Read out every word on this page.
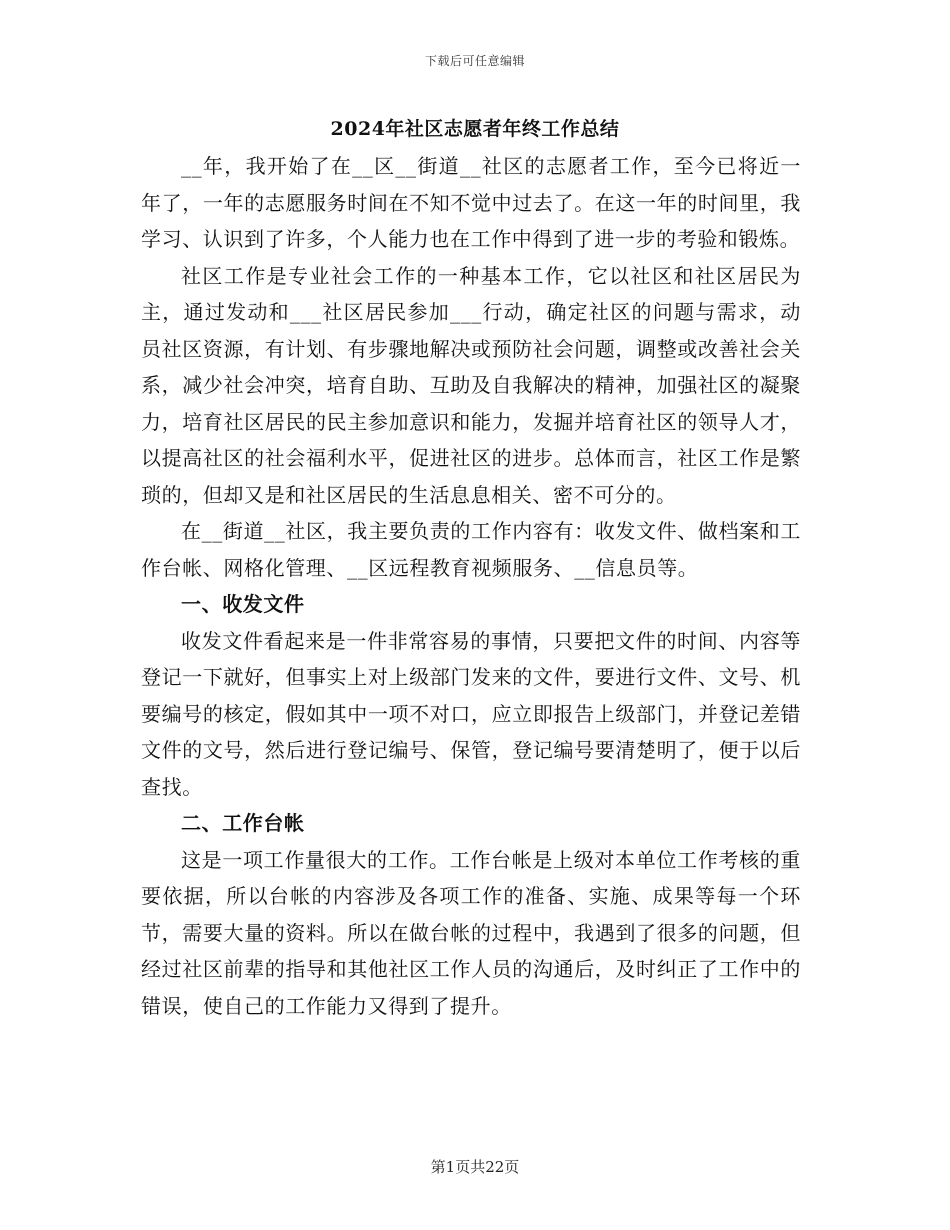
下载后可任意编辑
2024年社区志愿者年终工作总结

__年，我开始了在__区__街道__社区的志愿者工作，至今已将近一年了，一年的志愿服务时间在不知不觉中过去了。在这一年的时间里，我学习、认识到了许多，个人能力也在工作中得到了进一步的考验和锻炼。

社区工作是专业社会工作的一种基本工作，它以社区和社区居民为主，通过发动和___社区居民参加___行动，确定社区的问题与需求，动员社区资源，有计划、有步骤地解决或预防社会问题，调整或改善社会关系，减少社会冲突，培育自助、互助及自我解决的精神，加强社区的凝聚力，培育社区居民的民主参加意识和能力，发掘并培育社区的领导人才，以提高社区的社会福利水平，促进社区的进步。总体而言，社区工作是繁琐的，但却又是和社区居民的生活息息相关、密不可分的。

在__街道__社区，我主要负责的工作内容有：收发文件、做档案和工作台帐、网格化管理、__区远程教育视频服务、__信息员等。

一、收发文件

收发文件看起来是一件非常容易的事情，只要把文件的时间、内容等登记一下就好，但事实上对上级部门发来的文件，要进行文件、文号、机要编号的核定，假如其中一项不对口，应立即报告上级部门，并登记差错文件的文号，然后进行登记编号、保管，登记编号要清楚明了，便于以后查找。

二、工作台帐

这是一项工作量很大的工作。工作台帐是上级对本单位工作考核的重要依据，所以台帐的内容涉及各项工作的准备、实施、成果等每一个环节，需要大量的资料。所以在做台帐的过程中，我遇到了很多的问题，但经过社区前辈的指导和其他社区工作人员的沟通后，及时纠正了工作中的错误，使自己的工作能力又得到了提升。

第1页共22页
